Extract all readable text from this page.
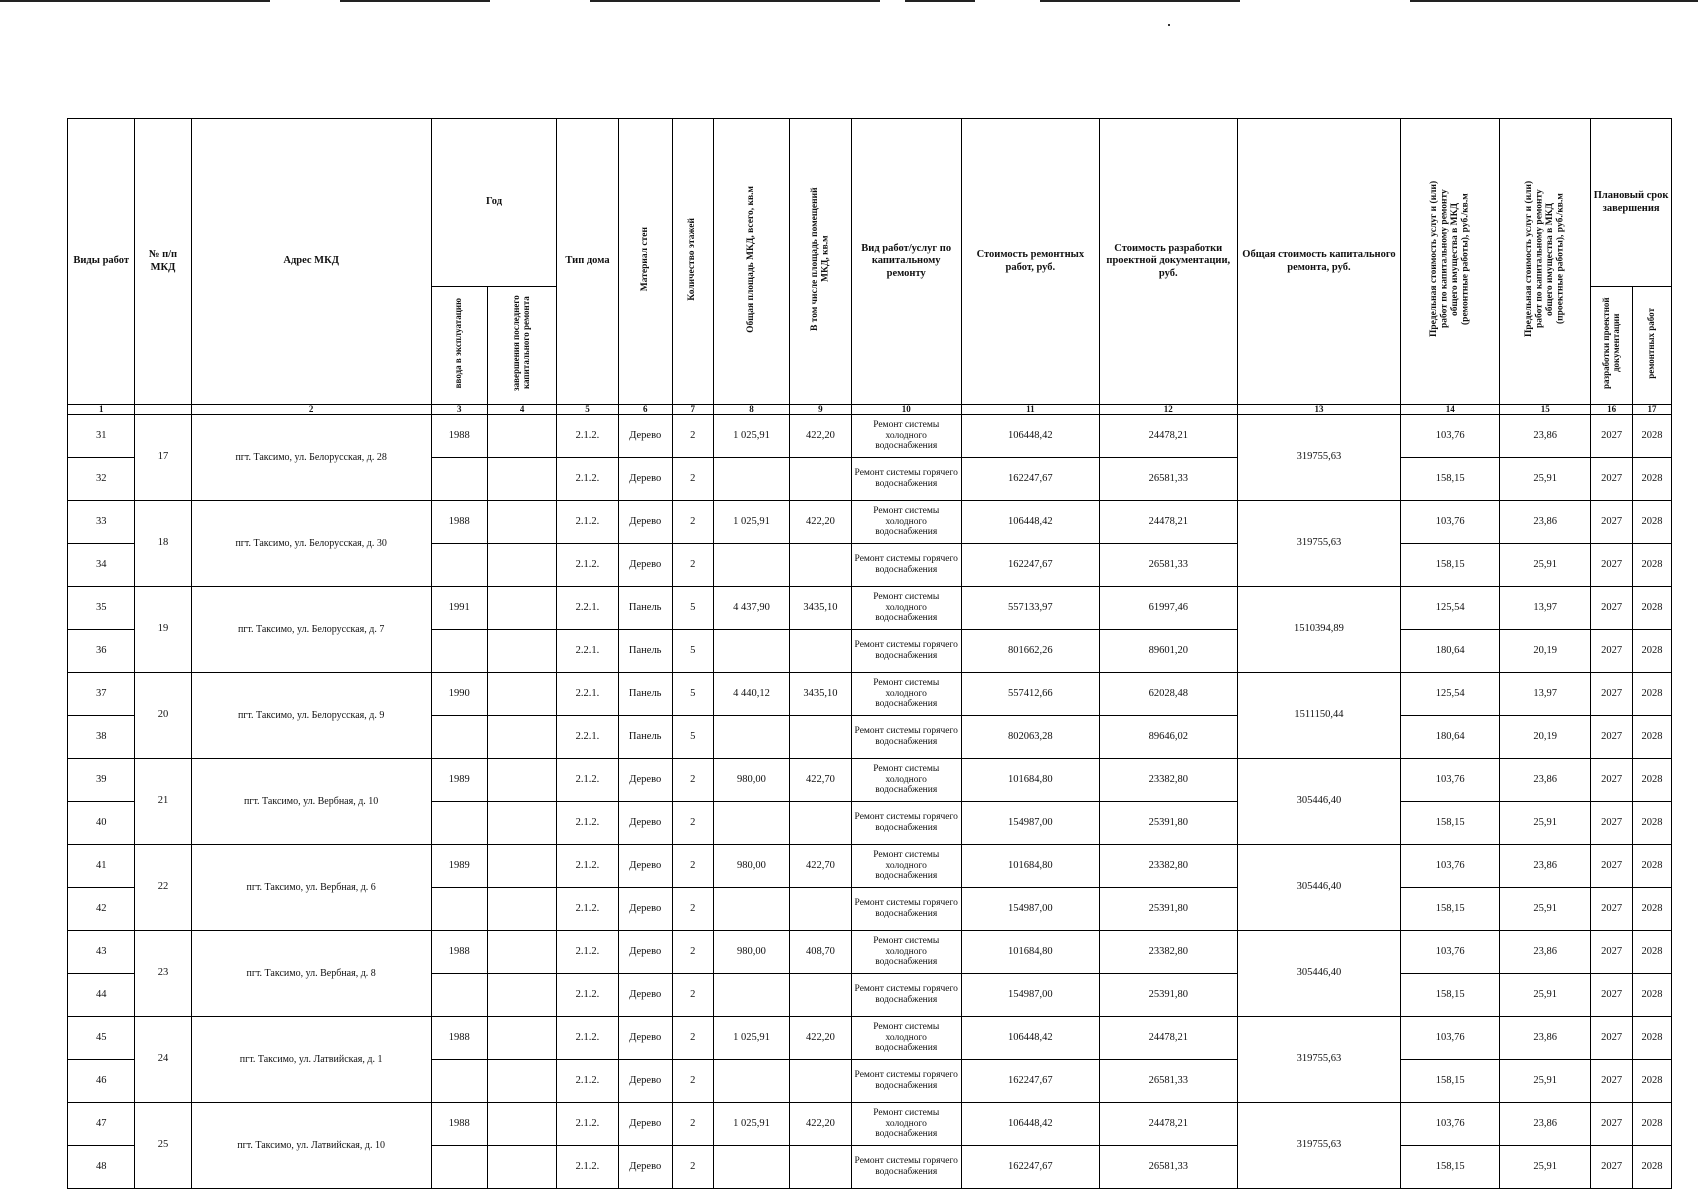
Виды работ	№ п/п МКД	Адрес МКД	Год		Тип дома	Материал стен	Количество этажей	Общая площадь МКД, всего, кв.м	В том числе площадь помещений МКД, кв.м	Вид работ/услуг по капитальному ремонту	Стоимость ремонтных работ, руб.	Стоимость разработки проектной документации, руб.	Общая стоимость капитального ремонта, руб.	Предельная стоимость услуг и (или) работ по капитальному ремонту общего имущества в МКД (ремонтные работы), руб./кв.м	Предельная стоимость услуг и (или) работ по капитальному ремонту общего имущества в МКД (проектные работы), руб./кв.м	Плановый срок завершения	
			ввода в эксплуатацию	завершения последнего капитального ремонта												разработки проектной документации	ремонтных работ
1		2	3	4	5	6	7	8	9	10	11	12	13	14	15	16	17
31	17	пгт. Таксимо, ул. Белорусская, д. 28	1988		2.1.2.	Дерево	2	1 025,91	422,20	Ремонт системы холодного водоснабжения	106448,42	24478,21	319755,63	103,76	23,86	2027	2028
32					2.1.2.	Дерево	2			Ремонт системы горячего водоснабжения	162247,67	26581,33		158,15	25,91	2027	2028
33	18	пгт. Таксимо, ул. Белорусская, д. 30	1988		2.1.2.	Дерево	2	1 025,91	422,20	Ремонт системы холодного водоснабжения	106448,42	24478,21	319755,63	103,76	23,86	2027	2028
34					2.1.2.	Дерево	2			Ремонт системы горячего водоснабжения	162247,67	26581,33		158,15	25,91	2027	2028
35	19	пгт. Таксимо, ул. Белорусская, д. 7	1991		2.2.1.	Панель	5	4 437,90	3435,10	Ремонт системы холодного водоснабжения	557133,97	61997,46	1510394,89	125,54	13,97	2027	2028
36					2.2.1.	Панель	5			Ремонт системы горячего водоснабжения	801662,26	89601,20		180,64	20,19	2027	2028
37	20	пгт. Таксимо, ул. Белорусская, д. 9	1990		2.2.1.	Панель	5	4 440,12	3435,10	Ремонт системы холодного водоснабжения	557412,66	62028,48	1511150,44	125,54	13,97	2027	2028
38					2.2.1.	Панель	5			Ремонт системы горячего водоснабжения	802063,28	89646,02		180,64	20,19	2027	2028
39	21	пгт. Таксимо, ул. Вербная, д. 10	1989		2.1.2.	Дерево	2	980,00	422,70	Ремонт системы холодного водоснабжения	101684,80	23382,80	305446,40	103,76	23,86	2027	2028
40					2.1.2.	Дерево	2			Ремонт системы горячего водоснабжения	154987,00	25391,80		158,15	25,91	2027	2028
41	22	пгт. Таксимо, ул. Вербная, д. 6	1989		2.1.2.	Дерево	2	980,00	422,70	Ремонт системы холодного водоснабжения	101684,80	23382,80	305446,40	103,76	23,86	2027	2028
42					2.1.2.	Дерево	2			Ремонт системы горячего водоснабжения	154987,00	25391,80		158,15	25,91	2027	2028
43	23	пгт. Таксимо, ул. Вербная, д. 8	1988		2.1.2.	Дерево	2	980,00	408,70	Ремонт системы холодного водоснабжения	101684,80	23382,80	305446,40	103,76	23,86	2027	2028
44					2.1.2.	Дерево	2			Ремонт системы горячего водоснабжения	154987,00	25391,80		158,15	25,91	2027	2028
45	24	пгт. Таксимо, ул. Латвийская, д. 1	1988		2.1.2.	Дерево	2	1 025,91	422,20	Ремонт системы холодного водоснабжения	106448,42	24478,21	319755,63	103,76	23,86	2027	2028
46					2.1.2.	Дерево	2			Ремонт системы горячего водоснабжения	162247,67	26581,33		158,15	25,91	2027	2028
47	25	пгт. Таксимо, ул. Латвийская, д. 10	1988		2.1.2.	Дерево	2	1 025,91	422,20	Ремонт системы холодного водоснабжения	106448,42	24478,21	319755,63	103,76	23,86	2027	2028
48					2.1.2.	Дерево	2			Ремонт системы горячего водоснабжения	162247,67	26581,33		158,15	25,91	2027	2028
